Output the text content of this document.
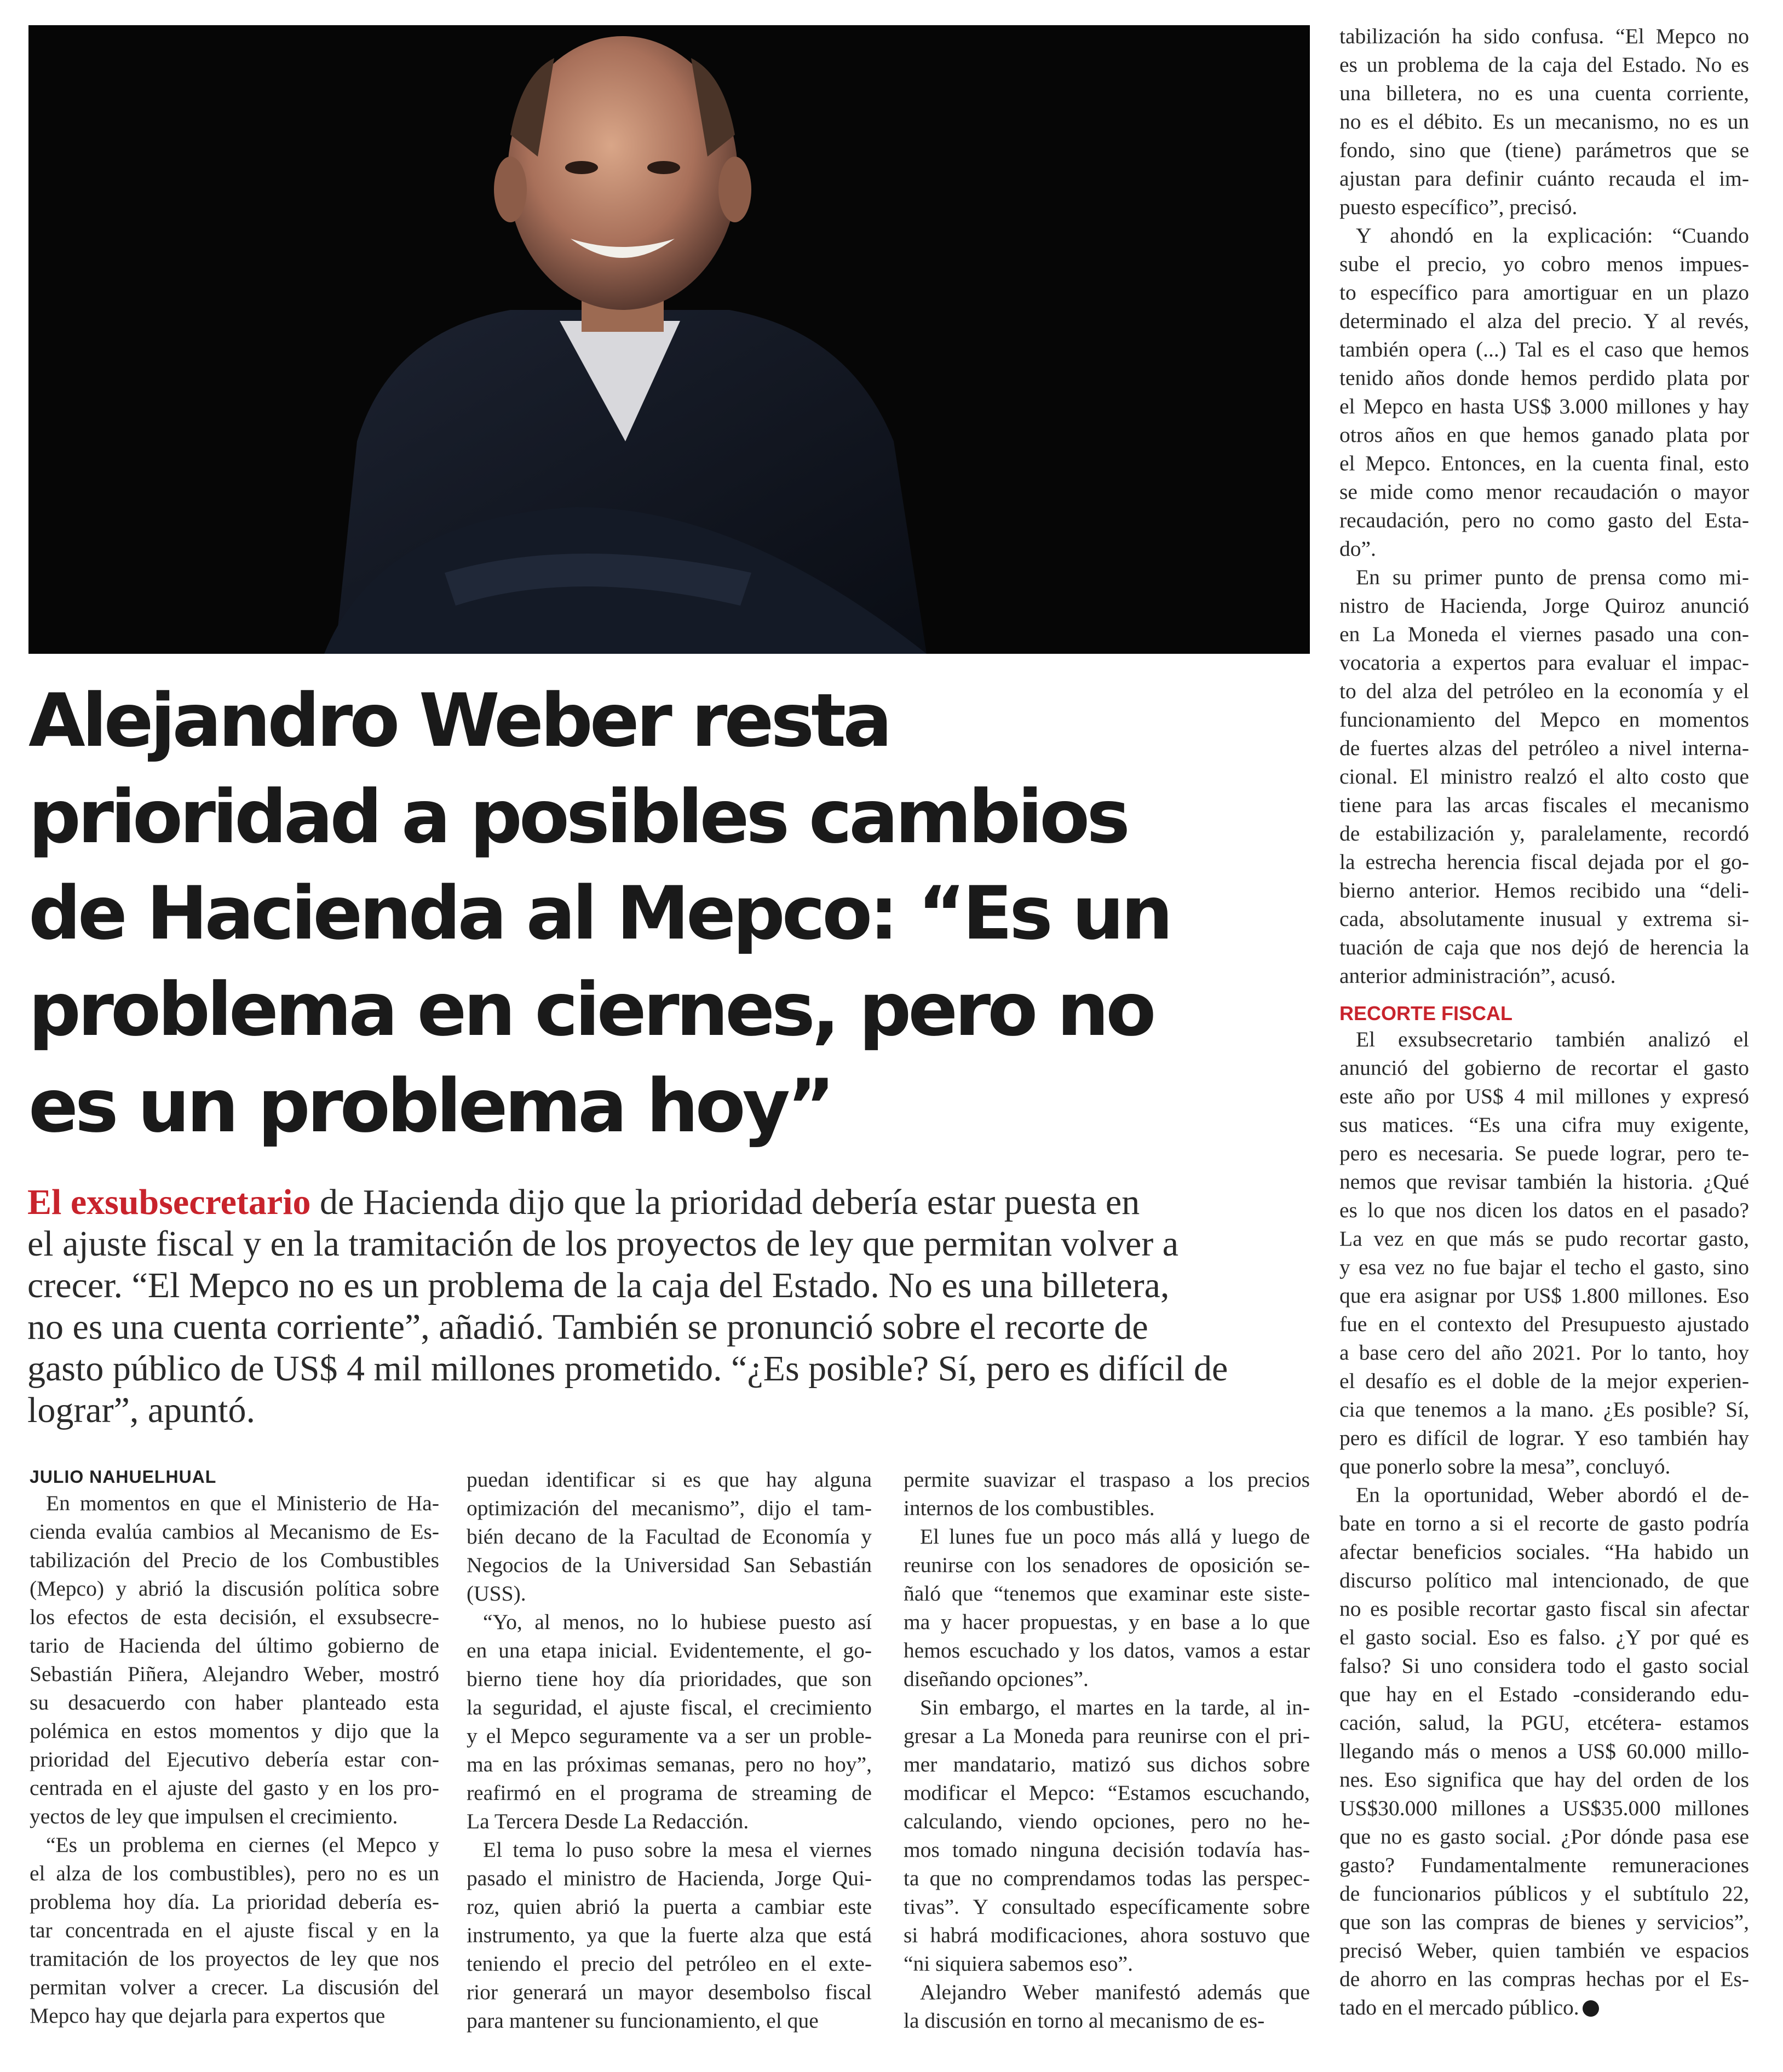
Alejandro Weber resta
prioridad a posibles cambios
de Hacienda al Mepco: “Es un
problema en ciernes, pero no
es un problema hoy”

El exsubsecretario de Hacienda dijo que la prioridad debería estar puesta en
el ajuste fiscal y en la tramitación de los proyectos de ley que permitan volver a
crecer. “El Mepco no es un problema de la caja del Estado. No es una billetera,
no es una cuenta corriente”, añadió. También se pronunció sobre el recorte de
gasto público de US$ 4 mil millones prometido. “¿Es posible? Sí, pero es difícil de
lograr”, apuntó.

JULIO NAHUELHUAL
En momentos en que el Ministerio de Ha-
cienda evalúa cambios al Mecanismo de Es-
tabilización del Precio de los Combustibles
(Mepco) y abrió la discusión política sobre
los efectos de esta decisión, el exsubsecre-
tario de Hacienda del último gobierno de
Sebastián Piñera, Alejandro Weber, mostró
su desacuerdo con haber planteado esta
polémica en estos momentos y dijo que la
prioridad del Ejecutivo debería estar con-
centrada en el ajuste del gasto y en los pro-
yectos de ley que impulsen el crecimiento.
“Es un problema en ciernes (el Mepco y
el alza de los combustibles), pero no es un
problema hoy día. La prioridad debería es-
tar concentrada en el ajuste fiscal y en la
tramitación de los proyectos de ley que nos
permitan volver a crecer. La discusión del
Mepco hay que dejarla para expertos que
puedan identificar si es que hay alguna
optimización del mecanismo”, dijo el tam-
bién decano de la Facultad de Economía y
Negocios de la Universidad San Sebastián
(USS).
“Yo, al menos, no lo hubiese puesto así
en una etapa inicial. Evidentemente, el go-
bierno tiene hoy día prioridades, que son
la seguridad, el ajuste fiscal, el crecimiento
y el Mepco seguramente va a ser un proble-
ma en las próximas semanas, pero no hoy”,
reafirmó en el programa de streaming de
La Tercera Desde La Redacción.
El tema lo puso sobre la mesa el viernes
pasado el ministro de Hacienda, Jorge Qui-
roz, quien abrió la puerta a cambiar este
instrumento, ya que la fuerte alza que está
teniendo el precio del petróleo en el exte-
rior generará un mayor desembolso fiscal
para mantener su funcionamiento, el que
permite suavizar el traspaso a los precios
internos de los combustibles.
El lunes fue un poco más allá y luego de
reunirse con los senadores de oposición se-
ñaló que “tenemos que examinar este siste-
ma y hacer propuestas, y en base a lo que
hemos escuchado y los datos, vamos a estar
diseñando opciones”.
Sin embargo, el martes en la tarde, al in-
gresar a La Moneda para reunirse con el pri-
mer mandatario, matizó sus dichos sobre
modificar el Mepco: “Estamos escuchando,
calculando, viendo opciones, pero no he-
mos tomado ninguna decisión todavía has-
ta que no comprendamos todas las perspec-
tivas”. Y consultado específicamente sobre
si habrá modificaciones, ahora sostuvo que
“ni siquiera sabemos eso”.
Alejandro Weber manifestó además que
la discusión en torno al mecanismo de es-
tabilización ha sido confusa. “El Mepco no
es un problema de la caja del Estado. No es
una billetera, no es una cuenta corriente,
no es el débito. Es un mecanismo, no es un
fondo, sino que (tiene) parámetros que se
ajustan para definir cuánto recauda el im-
puesto específico”, precisó.
Y ahondó en la explicación: “Cuando
sube el precio, yo cobro menos impues-
to específico para amortiguar en un plazo
determinado el alza del precio. Y al revés,
también opera (...) Tal es el caso que hemos
tenido años donde hemos perdido plata por
el Mepco en hasta US$ 3.000 millones y hay
otros años en que hemos ganado plata por
el Mepco. Entonces, en la cuenta final, esto
se mide como menor recaudación o mayor
recaudación, pero no como gasto del Esta-
do”.
En su primer punto de prensa como mi-
nistro de Hacienda, Jorge Quiroz anunció
en La Moneda el viernes pasado una con-
vocatoria a expertos para evaluar el impac-
to del alza del petróleo en la economía y el
funcionamiento del Mepco en momentos
de fuertes alzas del petróleo a nivel interna-
cional. El ministro realzó el alto costo que
tiene para las arcas fiscales el mecanismo
de estabilización y, paralelamente, recordó
la estrecha herencia fiscal dejada por el go-
bierno anterior. Hemos recibido una “deli-
cada, absolutamente inusual y extrema si-
tuación de caja que nos dejó de herencia la
anterior administración”, acusó.
RECORTE FISCAL
El exsubsecretario también analizó el
anunció del gobierno de recortar el gasto
este año por US$ 4 mil millones y expresó
sus matices. “Es una cifra muy exigente,
pero es necesaria. Se puede lograr, pero te-
nemos que revisar también la historia. ¿Qué
es lo que nos dicen los datos en el pasado?
La vez en que más se pudo recortar gasto,
y esa vez no fue bajar el techo el gasto, sino
que era asignar por US$ 1.800 millones. Eso
fue en el contexto del Presupuesto ajustado
a base cero del año 2021. Por lo tanto, hoy
el desafío es el doble de la mejor experien-
cia que tenemos a la mano. ¿Es posible? Sí,
pero es difícil de lograr. Y eso también hay
que ponerlo sobre la mesa”, concluyó.
En la oportunidad, Weber abordó el de-
bate en torno a si el recorte de gasto podría
afectar beneficios sociales. “Ha habido un
discurso político mal intencionado, de que
no es posible recortar gasto fiscal sin afectar
el gasto social. Eso es falso. ¿Y por qué es
falso? Si uno considera todo el gasto social
que hay en el Estado -considerando edu-
cación, salud, la PGU, etcétera- estamos
llegando más o menos a US$ 60.000 millo-
nes. Eso significa que hay del orden de los
US$30.000 millones a US$35.000 millones
que no es gasto social. ¿Por dónde pasa ese
gasto? Fundamentalmente remuneraciones
de funcionarios públicos y el subtítulo 22,
que son las compras de bienes y servicios”,
precisó Weber, quien también ve espacios
de ahorro en las compras hechas por el Es-
tado en el mercado público.
